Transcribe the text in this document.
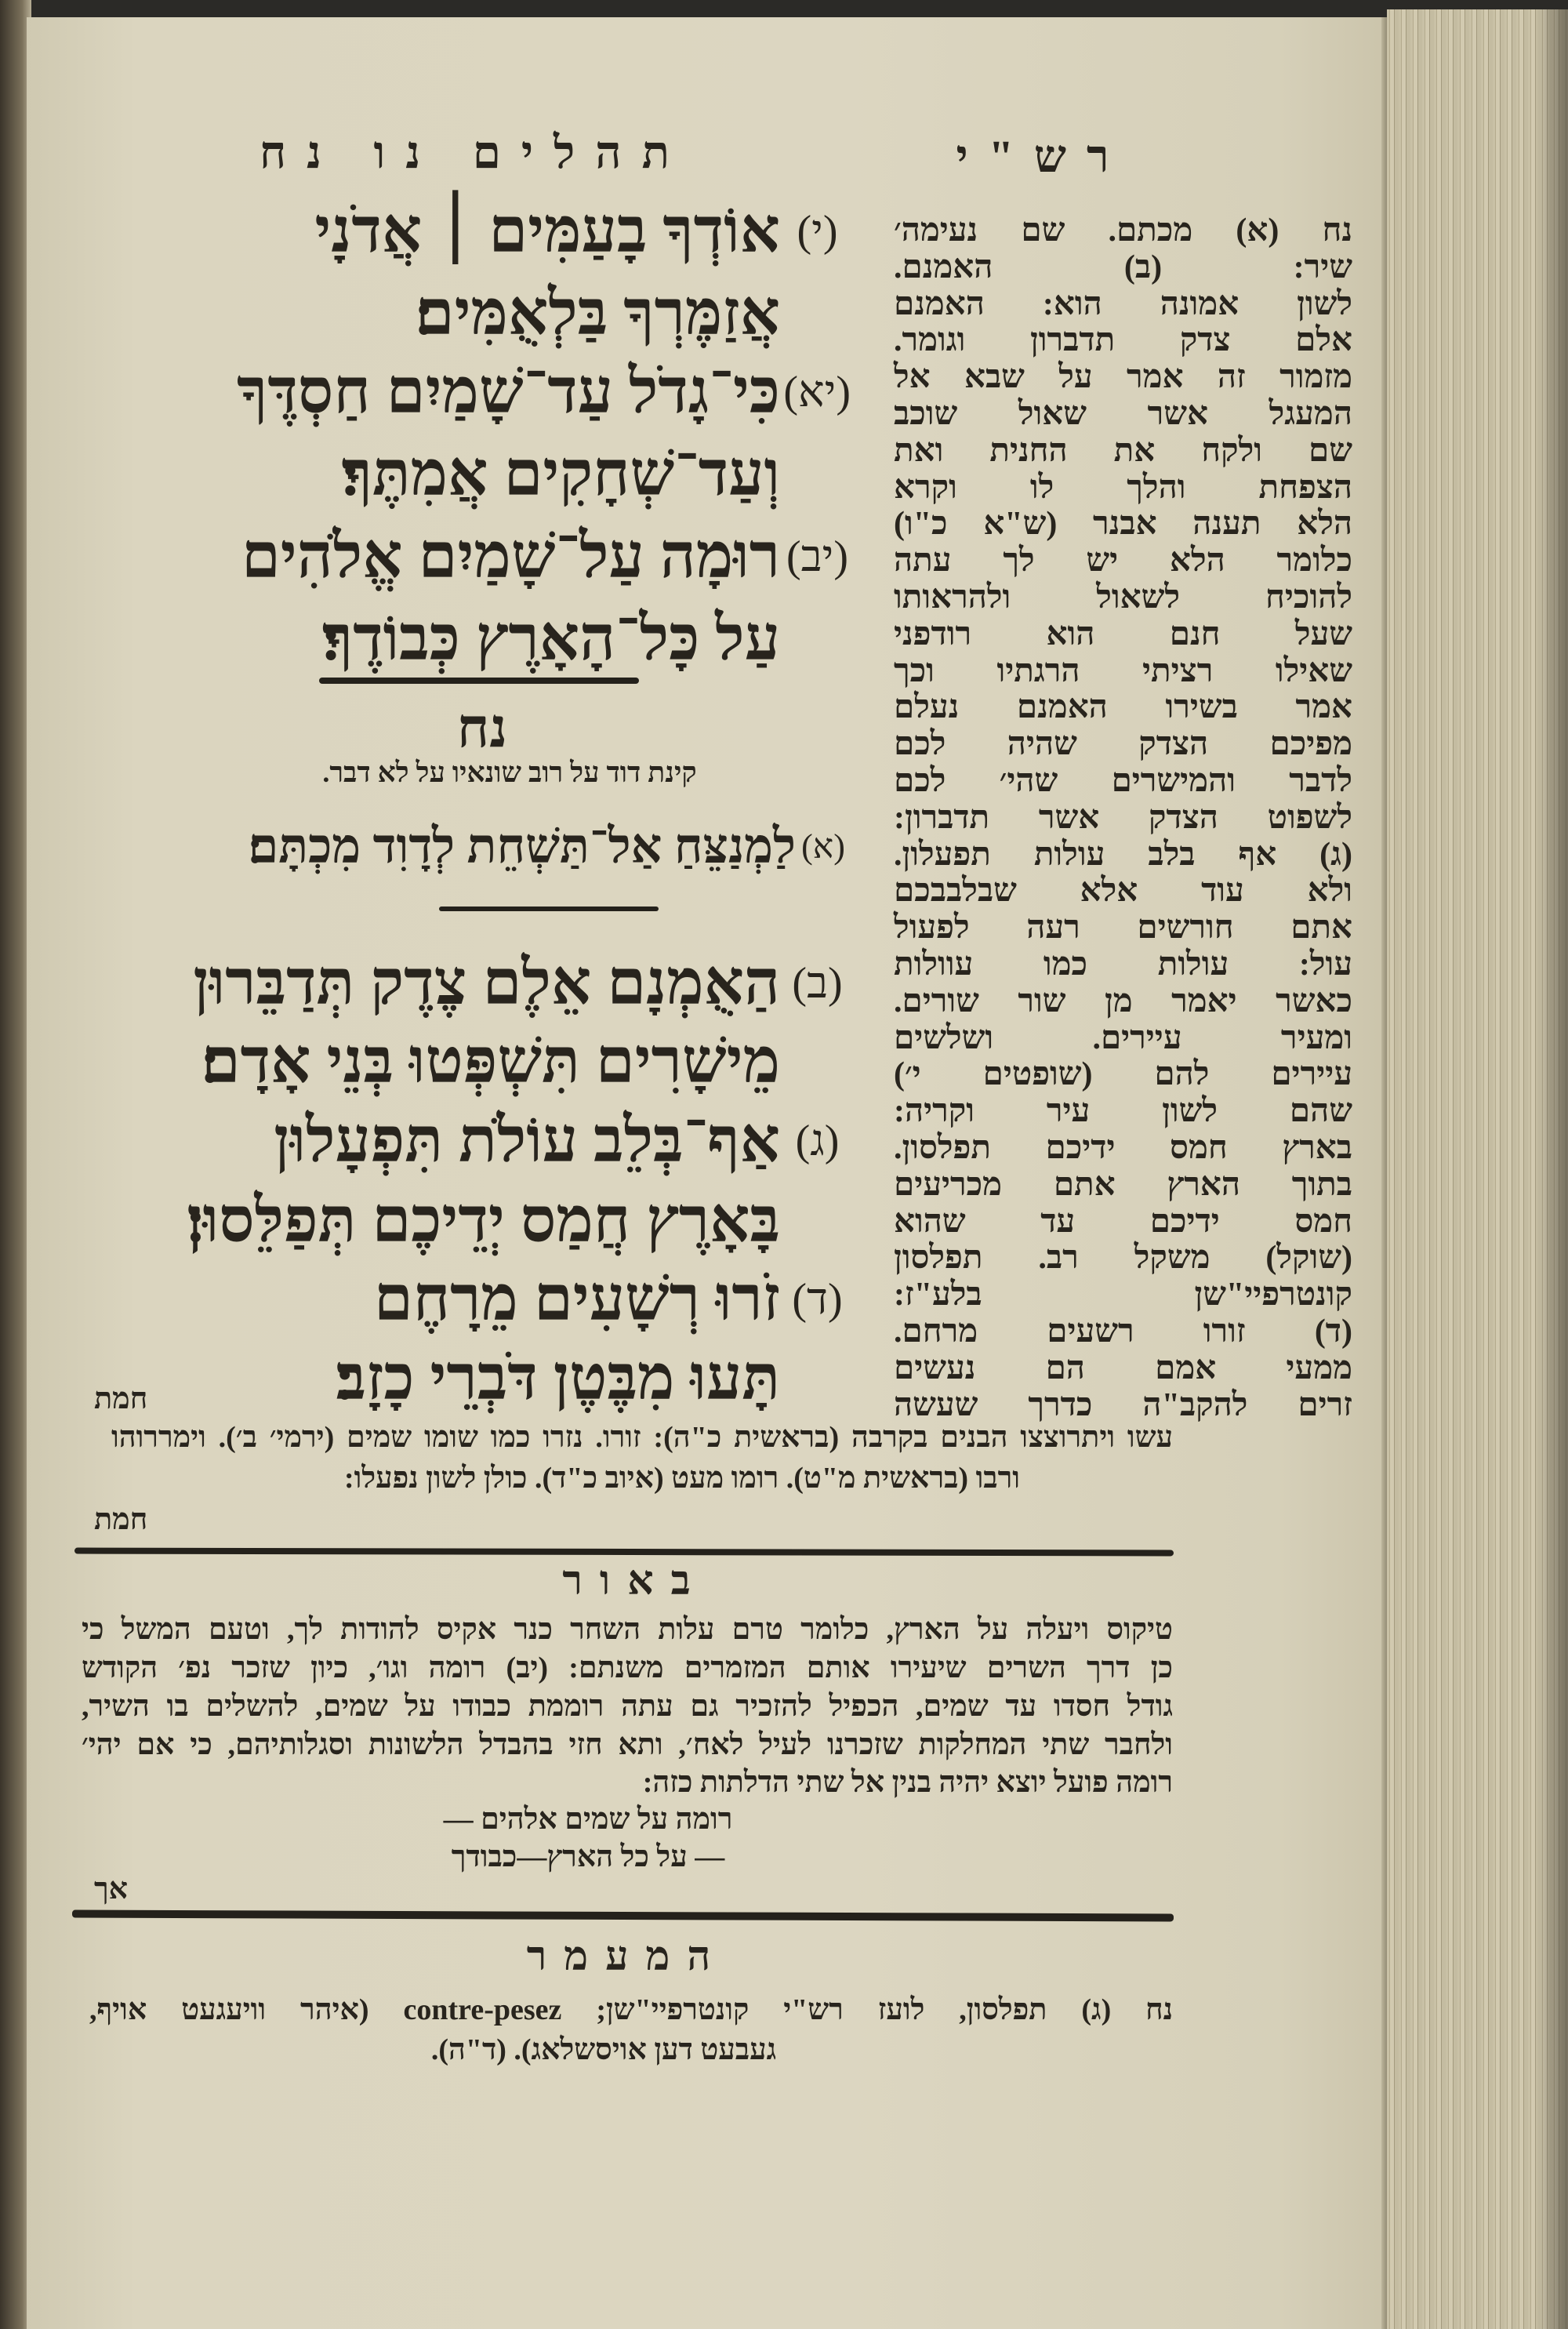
תהלים נו נח	רש"י
(י)
אוֹדְךָ בָעַמִּים ׀ אֲדֹנָי
אֲזַמֶּרְךָ בַּלְאֻמִּים׃
(יא)
כִּי־גָדֹל עַד־שָׁמַיִם חַסְדֶּךָ
וְעַד־שְׁחָקִים אֲמִתֶּךָ׃
(יב)
רוּמָה עַל־שָׁמַיִם אֱלֹהִים
עַל כָּל־הָאָרֶץ כְּבוֹדֶךָ׃
נח
קינת דוד על רוב שונאיו על לא דבר.
(א)
לַמְנַצֵּחַ אַל־תַּשְׁחֵת לְדָוִד מִכְתָּם׃
(ב)
הַאֻמְנָם אֵלֶם צֶדֶק תְּדַבֵּרוּן
מֵישָׁרִים תִּשְׁפְּטוּ בְּנֵי אָדָם׃
(ג)
אַף־בְּלֵב עוֹלֹת תִּפְעָלוּן
בָּאָרֶץ חֲמַס יְדֵיכֶם תְּפַלֵּסוּן׃
(ד)
זֹרוּ רְשָׁעִים מֵרָחֶם
תָּעוּ מִבֶּטֶן דֹּבְרֵי כָזָב׃
נח (א) מכתם. שם נעימה׳
שיר: (ב) האמנם.
לשון אמונה הוא: האמנם
אלם צדק תדברון וגומר.
מזמור זה אמר על שבא אל
המעגל אשר שאול שוכב
שם ולקח את החנית ואת
הצפחת והלך לו וקרא
הלא תענה אבנר (ש"א כ"ו)
כלומר הלא יש לך עתה
להוכיח לשאול ולהראותו
שעל חנם הוא רודפני
שאילו רציתי הרגתיו וכך
אמר בשירו האמנם נעלם
מפיכם הצדק שהיה לכם
לדבר והמישרים שהי׳ לכם
לשפוט הצדק אשר תדברון:
(ג) אף בלב עולות תפעלון.
ולא עוד אלא שבלבבכם
אתם חורשים רעה לפעול
עול: עולות כמו עוולות
כאשר יאמר מן שור שורים.
ומעיר עיירים. ושלשים
עיירים להם (שופטים י׳)
שהם לשון עיר וקריה:
בארץ חמס ידיכם תפלסון.
בתוך הארץ אתם מכריעים
חמס ידיכם עד שהוא
(שוקל) משקל רב. תפלסון
קונטרפיי"שן בלע"ז:
(ד) זורו רשעים מרחם.
ממעי אמם הם נעשים
זרים להקב"ה כדרך שעשה
חמת
עשו ויתרוצצו הבנים בקרבה (בראשית כ"ה): זורו. נזרו כמו שומו שמים (ירמי׳ ב׳). וימררוהו
ורבו (בראשית מ"ט). רומו מעט (איוב כ"ד). כולן לשון נפעלו:
חמת
באור
טיקוס ויעלה על הארץ, כלומר טרם עלות השחר כנר אקיס להודות לך, וטעם המשל כי
כן דרך השרים שיעירו אותם המזמרים משנתם: (יב) רומה וגו׳, כיון שזכר נפ׳ הקודש
גודל חסדו עד שמים, הכפיל להזכיר גם עתה רוממת כבודו על שמים, להשלים בו השיר,
ולחבר שתי המחלקות שזכרנו לעיל לאח׳, ותא חזי בהבדל הלשונות וסגלותיהם, כי אם יהי׳
רומה פועל יוצא יהיה בנין אל שתי הדלתות כזה:
רומה על שמים אלהים —
— על כל הארץ—כבודך
אך
המעמר
נח (ג) תפלסון, לועז רש"י קונטרפיי"שן; contre-pesez (איהר וויעגעט אויף,
געבעט דען אויסשלאג). (ד"ה).
